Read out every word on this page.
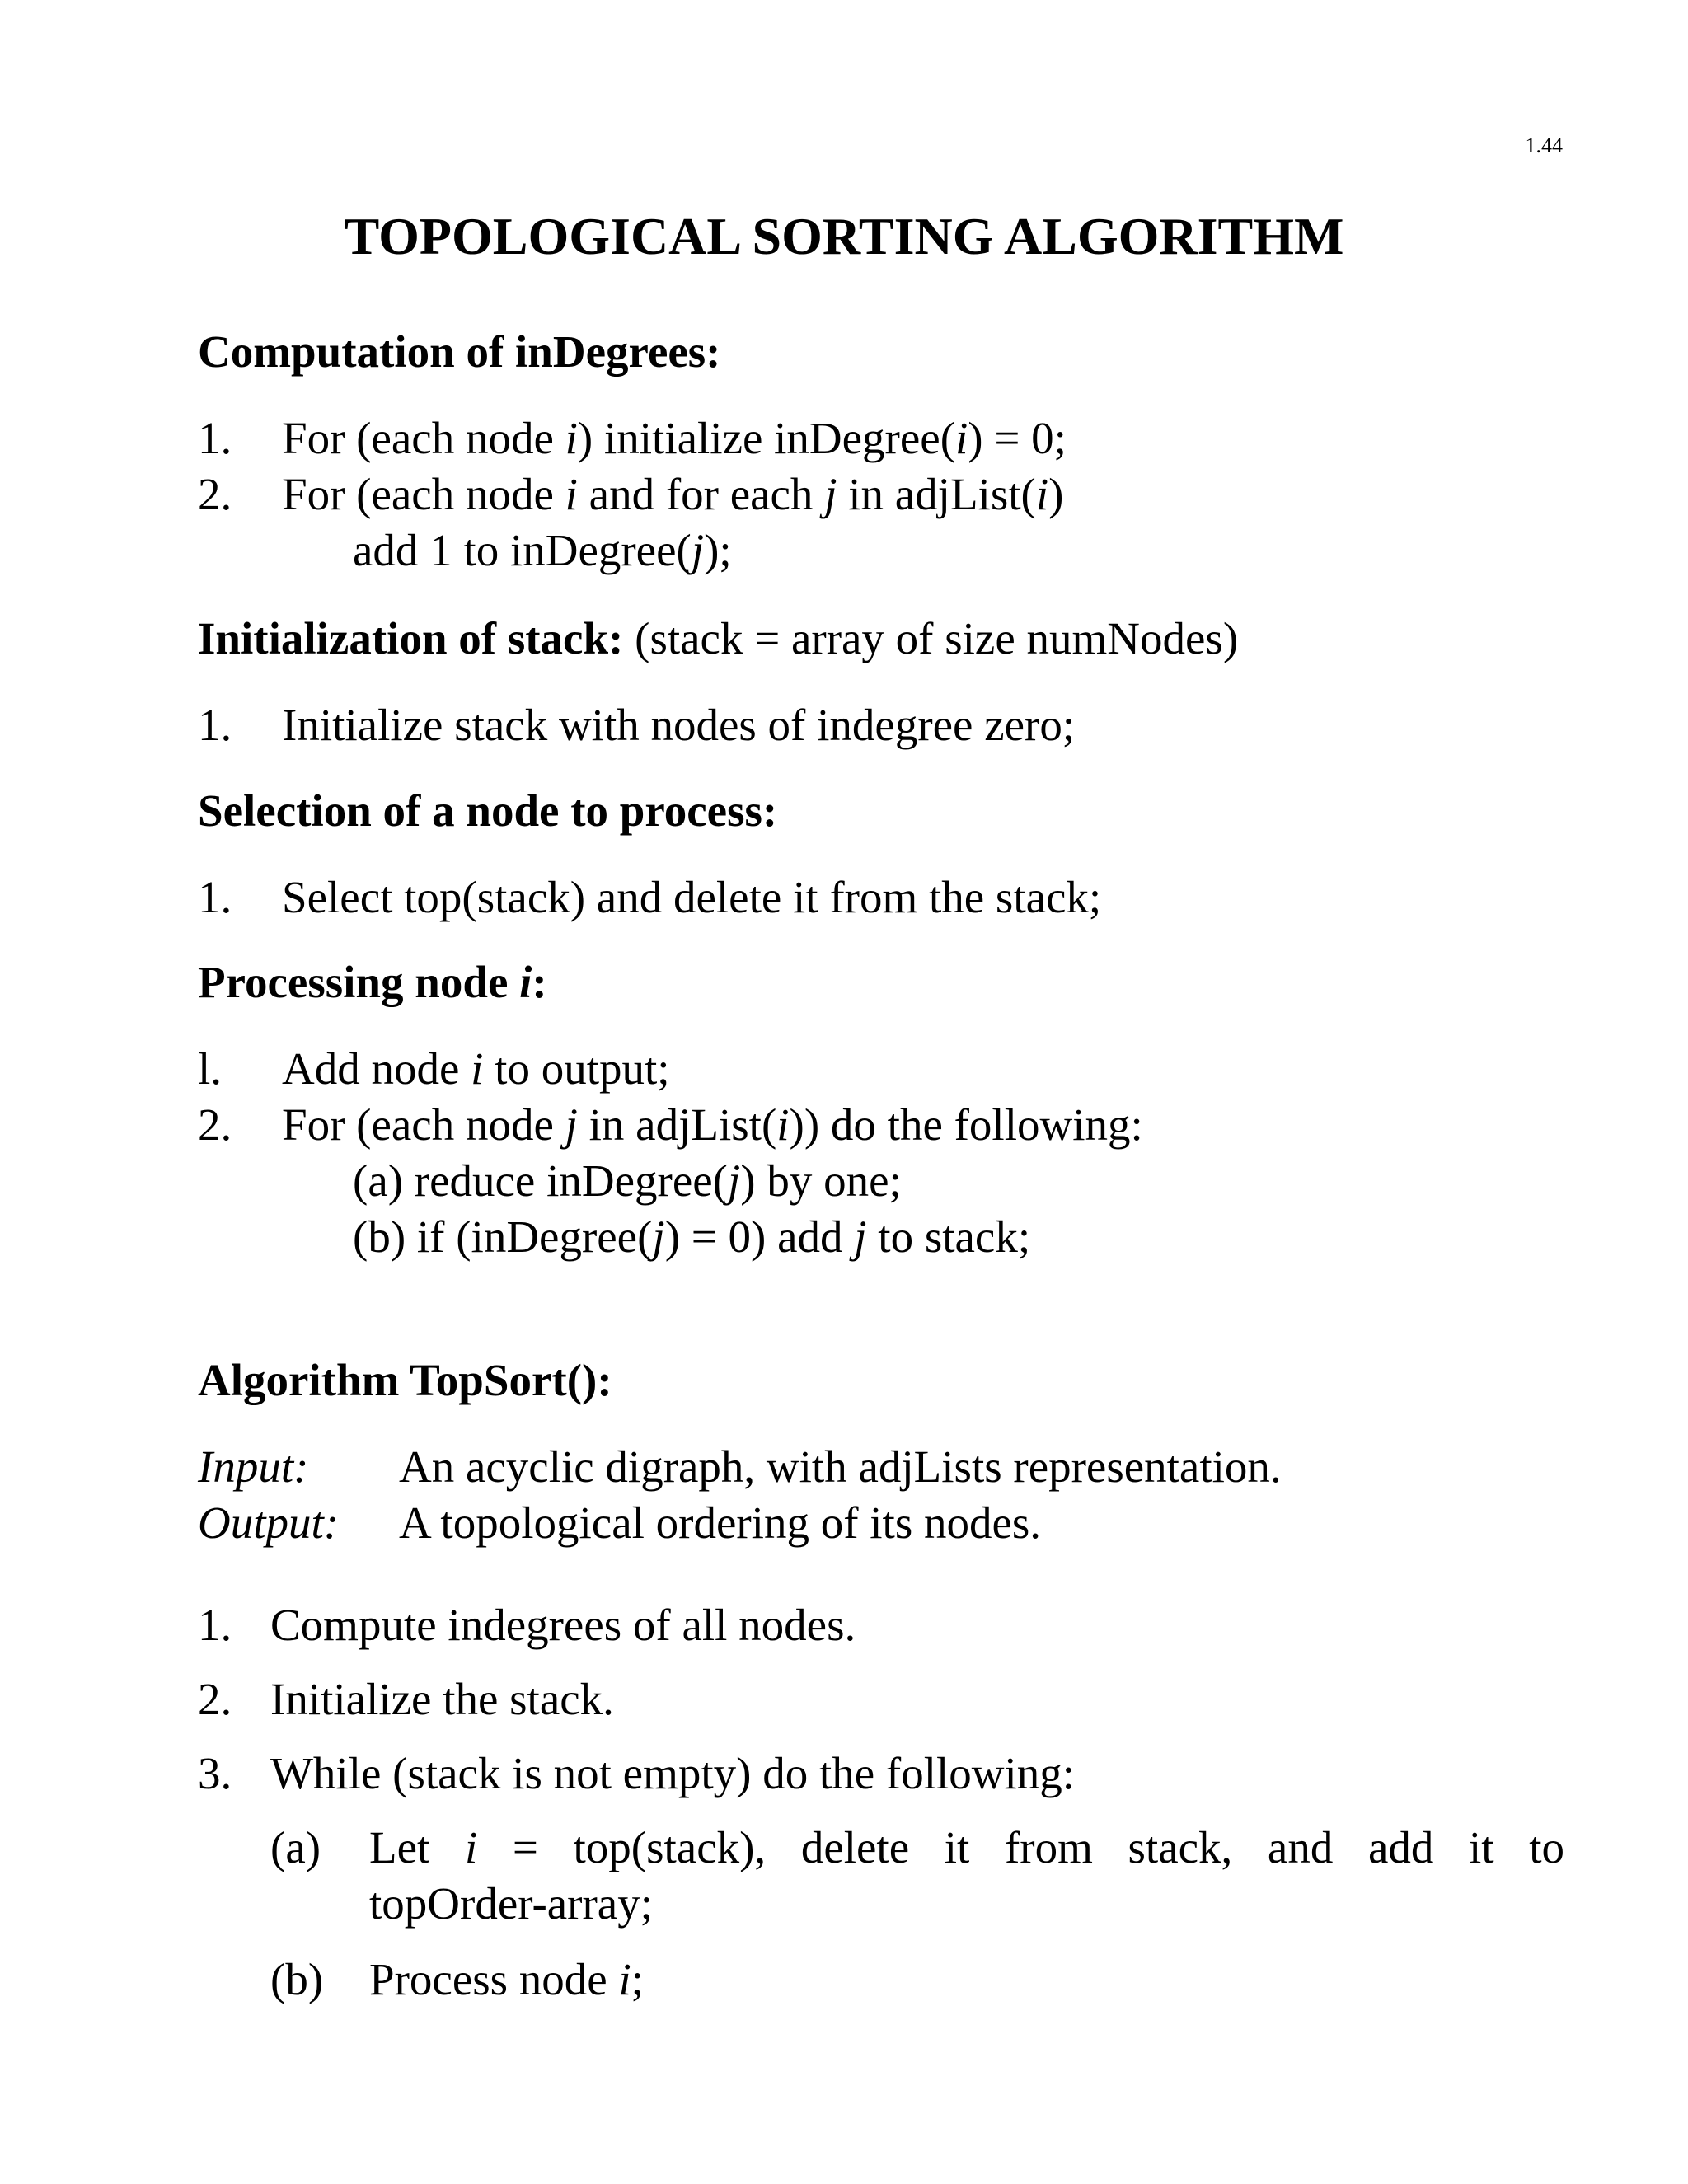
1.44
TOPOLOGICAL SORTING ALGORITHM
Computation of inDegrees:
1. For (each node i) initialize inDegree(i) = 0;
2. For (each node i and for each j in adjList(i)
add 1 to inDegree(j);
Initialization of stack: (stack = array of size numNodes)
1. Initialize stack with nodes of indegree zero;
Selection of a node to process:
1. Select top(stack) and delete it from the stack;
Processing node i:
l. Add node i to output;
2. For (each node j in adjList(i)) do the following:
(a) reduce inDegree(j) by one;
(b) if (inDegree(j) = 0) add j to stack;
Algorithm TopSort():
Input: An acyclic digraph, with adjLists representation.
Output: A topological ordering of its nodes.
1. Compute indegrees of all nodes.
2. Initialize the stack.
3. While (stack is not empty) do the following:
(a) Let i = top(stack), delete it from stack, and add it to
topOrder-array;
(b) Process node i;
